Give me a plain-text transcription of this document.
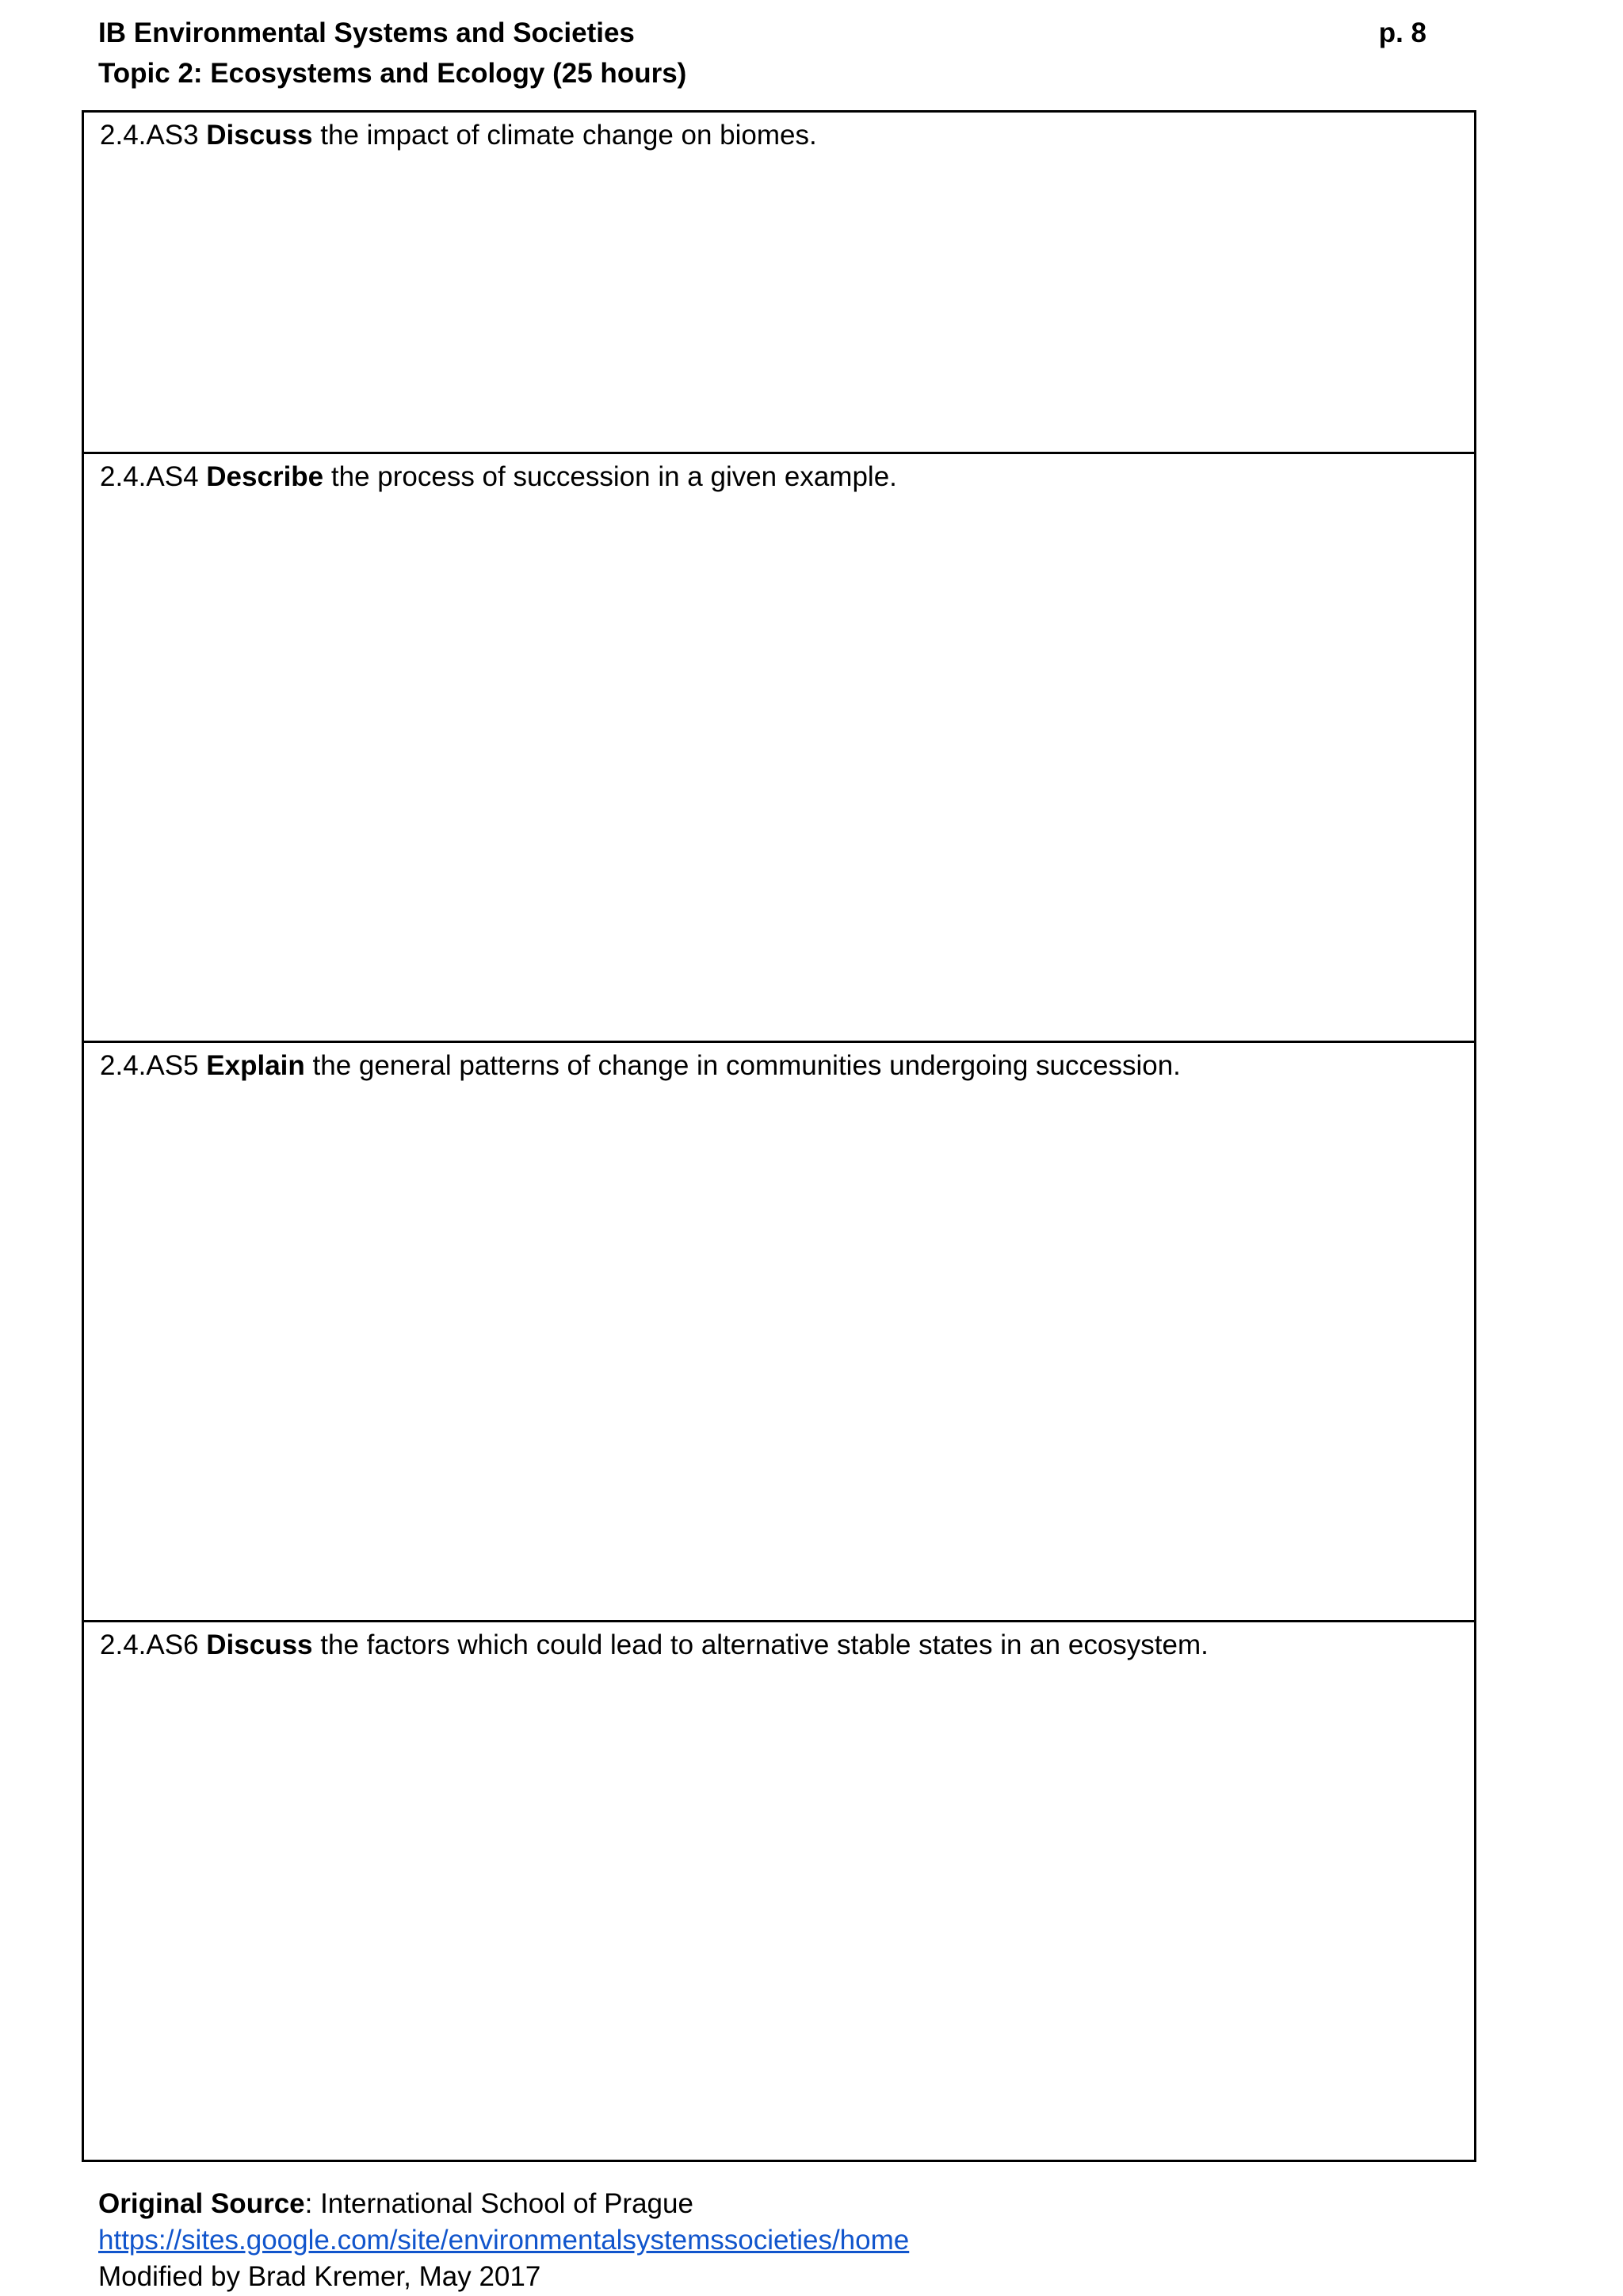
IB Environmental Systems and Societies
Topic 2: Ecosystems and Ecology (25 hours)
p. 8
2.4.AS3 Discuss the impact of climate change on biomes.
2.4.AS4 Describe the process of succession in a given example.
2.4.AS5 Explain the general patterns of change in communities undergoing succession.
2.4.AS6 Discuss the factors which could lead to alternative stable states in an ecosystem.
Original Source: International School of Prague
https://sites.google.com/site/environmentalsystemssocieties/home
Modified by Brad Kremer, May 2017
